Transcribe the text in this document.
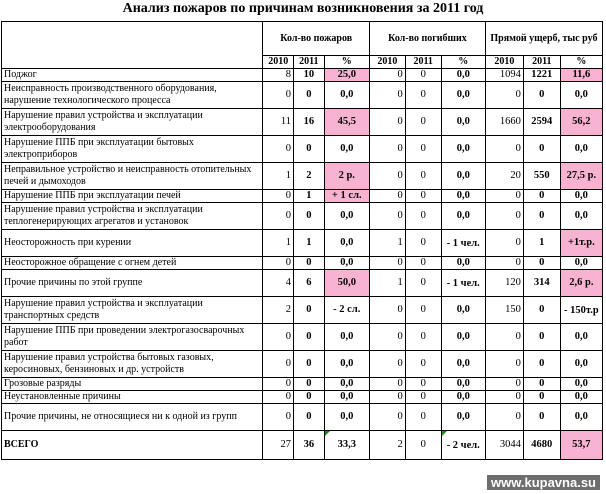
Анализ пожаров по причинам возникновения за 2011 год
	Кол-во пожаров			Кол-во погибших			Прямой ущерб, тыс руб		
	2010	2011	%	2010	2011	%	2010	2011	%
Поджог	8	10	25,0	0	0	0,0	1094	1221	11,6
Неисправность производственного оборудования, нарушение технологического процесса	0	0	0,0	0	0	0,0	0	0	0,0
Нарушение правил устройства и эксплуатации электрооборудования	11	16	45,5	0	0	0,0	1660	2594	56,2
Нарушение ППБ при эксплуатации бытовых электроприборов	0	0	0,0	0	0	0,0	0	0	0,0
Неправильное устройство и неисправность отопительных печей и дымоходов	1	2	2 р.	0	0	0,0	20	550	27,5 р.
Нарушение ППБ при эксплуатации печей	0	1	+ 1 сл.	0	0	0,0	0	0	0,0
Нарушение правил устройства и эксплуатации теплогенерирующих агрегатов и установок	0	0	0,0	0	0	0,0	0	0	0,0
Неосторожность при курении	1	1	0,0	1	0	- 1 чел.	0	1	+1т.р.
Неосторожное обращение с огнем детей	0	0	0,0	0	0	0,0	0	0	0,0
Прочие причины по этой группе	4	6	50,0	1	0	- 1 чел.	120	314	2,6 р.
Нарушение правил устройства и эксплуатации транспортных средств	2	0	- 2 сл.	0	0	0,0	150	0	- 150т.р
Нарушение ППБ при проведении электрогазосварочных работ	0	0	0,0	0	0	0,0	0	0	0,0
Нарушение правил устройства бытовых газовых, керосиновых, бензиновых и др. устройств	0	0	0,0	0	0	0,0	0	0	0,0
Грозовые разряды	0	0	0,0	0	0	0,0	0	0	0,0
Неустановленные причины	0	0	0,0	0	0	0,0	0	0	0,0
Прочие причины, не относящиеся ни к одной из групп	0	0	0,0	0	0	0,0	0	0	0,0
ВСЕГО	27	36	33,3	2	0	- 2 чел.	3044	4680	53,7
www.kupavna.su
